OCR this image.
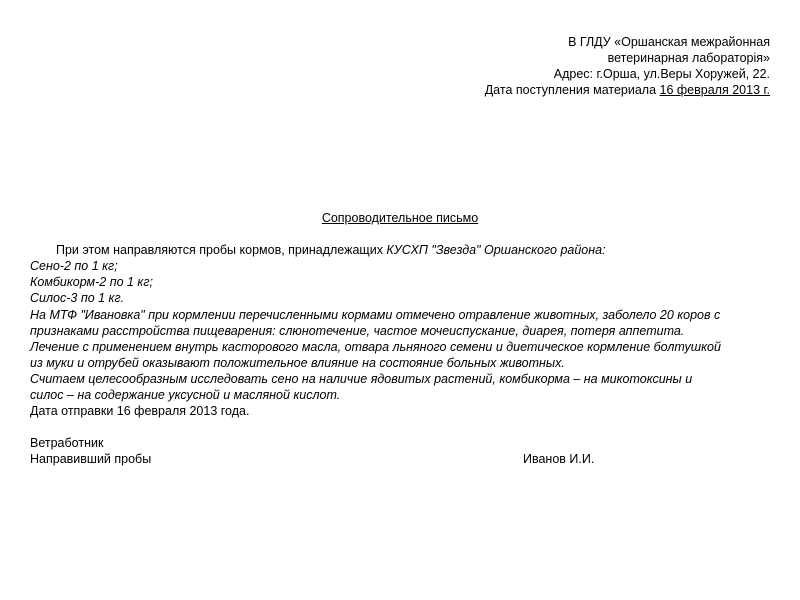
В ГЛДУ «Оршанская межрайонная
ветеринарная лабораторія»
Адрес: г.Орша, ул.Веры Хоружей, 22.
Дата поступления материала 16 февраля 2013 г.
Сопроводительное письмо
При этом направляются пробы кормов, принадлежащих КУСХП "Звезда" Оршанского района:
Сено-2 по 1 кг;
Комбикорм-2 по 1 кг;
Силос-3 по 1 кг.
На МТФ "Ивановка" при кормлении перечисленными кормами отмечено отравление животных, заболело 20 коров с
признаками расстройства пищеварения: слюнотечение, частое мочеиспускание, диарея, потеря аппетита.
Лечение с применением внутрь касторового масла, отвара льняного семени и диетическое кормление болтушкой
из муки и отрубей оказывают положительное влияние на состояние больных животных.
Считаем целесообразным исследовать сено на наличие ядовитых растений, комбикорма – на микотоксины и
силос – на содержание уксусной и масляной кислот.
Дата отправки 16 февраля 2013 года.
Ветработник
Направивший пробы	Иванов И.И.
